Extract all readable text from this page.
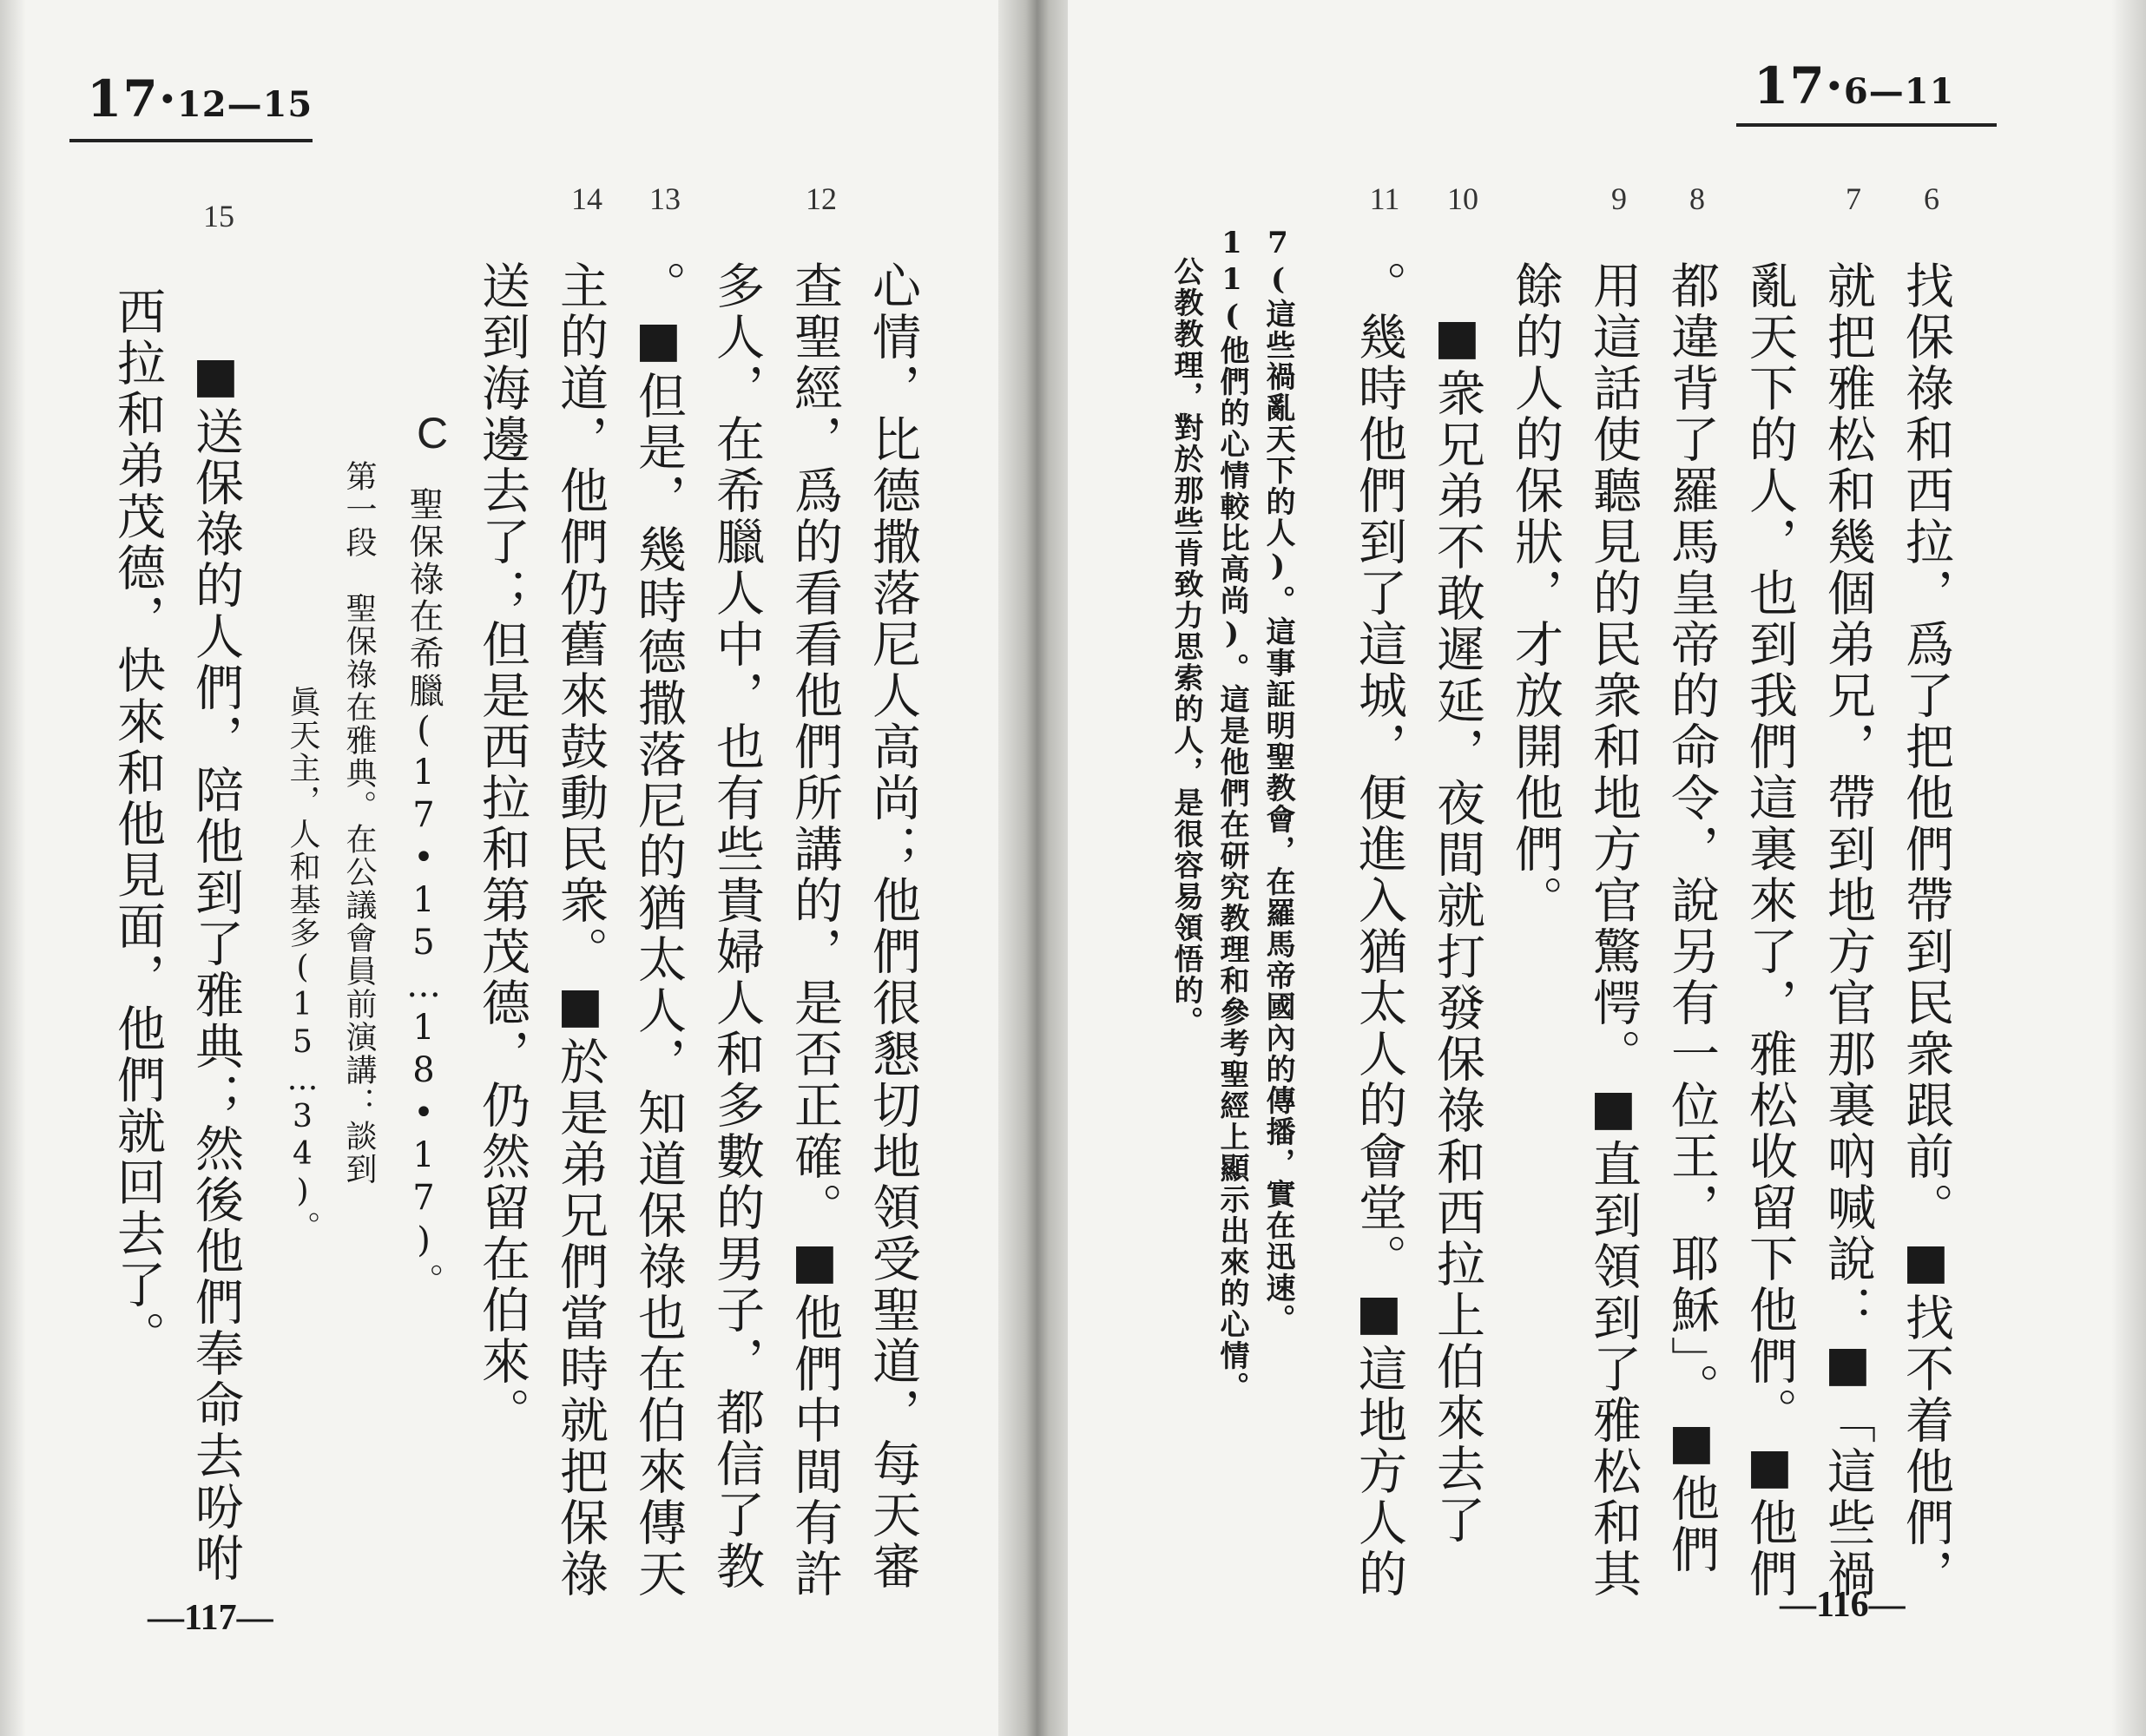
17·12—15
12
13
14
15
心情，比德撒落尼人高尚；他們很懇切地領受聖道，每天審
查聖經，爲的看看他們所講的，是否正確。■他們中間有許
多人，在希臘人中，也有些貴婦人和多數的男子，都信了教
。■但是，幾時德撒落尼的猶太人，知道保祿也在伯來傳天
主的道，他們仍舊來鼓動民衆。■於是弟兄們當時就把保祿
送到海邊去了；但是西拉和第茂德，仍然留在伯來。
C
聖保祿在希臘(17•15…18•17)。
第一段　聖保祿在雅典。在公議會員前演講：談到
眞天主，人和基多(15…34)。
■送保祿的人們，陪他到了雅典；然後他們奉命去吩咐
西拉和弟茂德，快來和他見面，他們就回去了。
—117—
17·6—11
6
7
8
9
10
11
找保祿和西拉，爲了把他們帶到民衆跟前。■找不着他們，
就把雅松和幾個弟兄，帶到地方官那裏吶喊說：■「這些禍
亂天下的人，也到我們這裏來了，雅松收留下他們。■他們
都違背了羅馬皇帝的命令，說另有一位王，耶穌」。■他們
用這話使聽見的民衆和地方官驚愕。■直到領到了雅松和其
餘的人的保狀，才放開他們。
■衆兄弟不敢遲延，夜間就打發保祿和西拉上伯來去了
。幾時他們到了這城，便進入猶太人的會堂。■這地方人的
7(這些禍亂天下的人)。這事証明聖教會，在羅馬帝國內的傳播，實在迅速。
11(他們的心情較比高尚)。這是他們在研究教理和參考聖經上顯示出來的心情。
公教教理，對於那些肯致力思索的人，是很容易領悟的。
—116—
